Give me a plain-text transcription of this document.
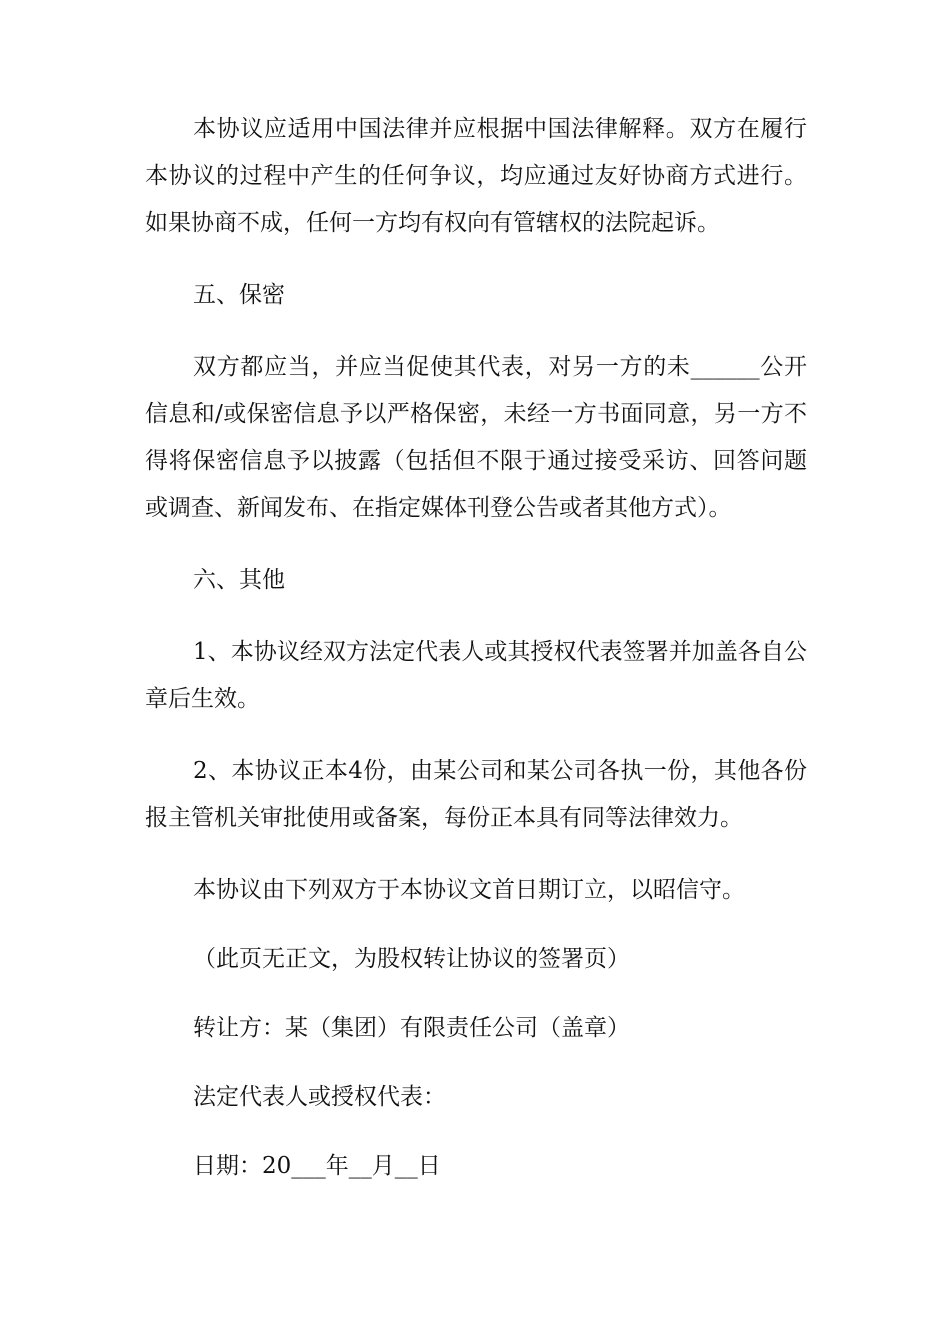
本协议应适用中国法律并应根据中国法律解释。双方在履行本协议的过程中产生的任何争议，均应通过友好协商方式进行。如果协商不成，任何一方均有权向有管辖权的法院起诉。

五、保密

双方都应当，并应当促使其代表，对另一方的未______公开信息和/或保密信息予以严格保密，未经一方书面同意，另一方不得将保密信息予以披露（包括但不限于通过接受采访、回答问题或调查、新闻发布、在指定媒体刊登公告或者其他方式）。

六、其他

1、本协议经双方法定代表人或其授权代表签署并加盖各自公章后生效。

2、本协议正本4份，由某公司和某公司各执一份，其他各份报主管机关审批使用或备案，每份正本具有同等法律效力。

本协议由下列双方于本协议文首日期订立，以昭信守。

（此页无正文，为股权转让协议的签署页）

转让方：某（集团）有限责任公司（盖章）

法定代表人或授权代表：

日期：20___年__月__日
